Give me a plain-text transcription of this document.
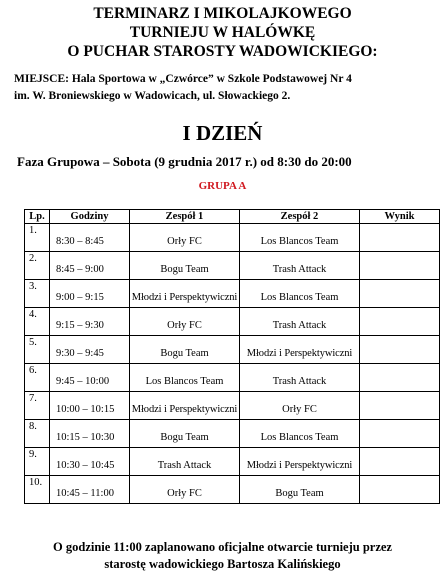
TERMINARZ I MIKOLAJKOWEGO
TURNIEJU W HALÓWKĘ
O PUCHAR STAROSTY WADOWICKIEGO:
MIEJSCE: Hala Sportowa w „Czwórce” w Szkole Podstawowej Nr 4
im. W. Broniewskiego w Wadowicach, ul. Słowackiego 2.
I DZIEŃ
Faza Grupowa – Sobota (9 grudnia 2017 r.) od 8:30 do 20:00
GRUPA A
Lp.	Godziny	Zespół 1	Zespół 2	Wynik
1.	8:30 – 8:45	Orły FC	Los Blancos Team	
2.	8:45 – 9:00	Bogu Team	Trash Attack	
3.	9:00 – 9:15	Młodzi i Perspektywiczni	Los Blancos Team	
4.	9:15 – 9:30	Orły FC	Trash Attack	
5.	9:30 – 9:45	Bogu Team	Młodzi i Perspektywiczni	
6.	9:45 – 10:00	Los Blancos Team	Trash Attack	
7.	10:00 – 10:15	Młodzi i Perspektywiczni	Orły FC	
8.	10:15 – 10:30	Bogu Team	Los Blancos Team	
9.	10:30 – 10:45	Trash Attack	Młodzi i Perspektywiczni	
10.	10:45 – 11:00	Orły FC	Bogu Team	
O godzinie 11:00 zaplanowano oficjalne otwarcie turnieju przez
starostę wadowickiego Bartosza Kalińskiego
